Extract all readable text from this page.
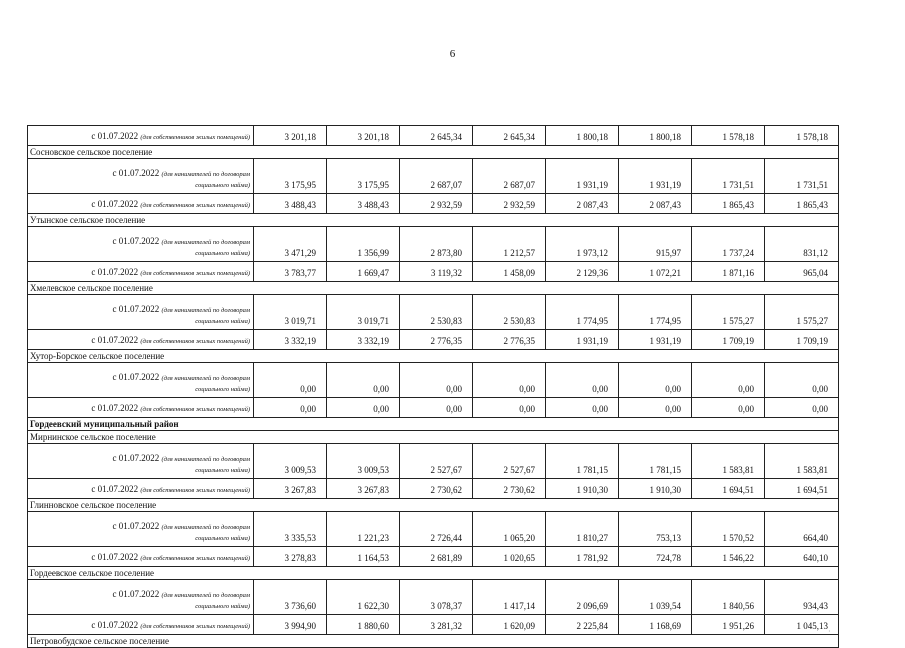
6
с 01.07.2022 (для собственников жилых помещений)	3 201,18	3 201,18	2 645,34	2 645,34	1 800,18	1 800,18	1 578,18	1 578,18
Сосновское сельское поселение								

с 01.07.2022 (для нанимателей по договорам
социального найма)	3 175,95	3 175,95	2 687,07	2 687,07	1 931,19	1 931,19	1 731,51	1 731,51
с 01.07.2022 (для собственников жилых помещений)	3 488,43	3 488,43	2 932,59	2 932,59	2 087,43	2 087,43	1 865,43	1 865,43
Утынское сельское поселение								

с 01.07.2022 (для нанимателей по договорам
социального найма)	3 471,29	1 356,99	2 873,80	1 212,57	1 973,12	915,97	1 737,24	831,12
с 01.07.2022 (для собственников жилых помещений)	3 783,77	1 669,47	3 119,32	1 458,09	2 129,36	1 072,21	1 871,16	965,04
Хмелевское сельское поселение								

с 01.07.2022 (для нанимателей по договорам
социального найма)	3 019,71	3 019,71	2 530,83	2 530,83	1 774,95	1 774,95	1 575,27	1 575,27
с 01.07.2022 (для собственников жилых помещений)	3 332,19	3 332,19	2 776,35	2 776,35	1 931,19	1 931,19	1 709,19	1 709,19
Хутор-Борское сельское поселение								

с 01.07.2022 (для нанимателей по договорам
социального найма)	0,00	0,00	0,00	0,00	0,00	0,00	0,00	0,00
с 01.07.2022 (для собственников жилых помещений)	0,00	0,00	0,00	0,00	0,00	0,00	0,00	0,00
Гордеевский муниципальный район								
Мирнинское сельское поселение								

с 01.07.2022 (для нанимателей по договорам
социального найма)	3 009,53	3 009,53	2 527,67	2 527,67	1 781,15	1 781,15	1 583,81	1 583,81
с 01.07.2022 (для собственников жилых помещений)	3 267,83	3 267,83	2 730,62	2 730,62	1 910,30	1 910,30	1 694,51	1 694,51
Глинновское сельское поселение								

с 01.07.2022 (для нанимателей по договорам
социального найма)	3 335,53	1 221,23	2 726,44	1 065,20	1 810,27	753,13	1 570,52	664,40
с 01.07.2022 (для собственников жилых помещений)	3 278,83	1 164,53	2 681,89	1 020,65	1 781,92	724,78	1 546,22	640,10
Гордеевское сельское поселение								

с 01.07.2022 (для нанимателей по договорам
социального найма)	3 736,60	1 622,30	3 078,37	1 417,14	2 096,69	1 039,54	1 840,56	934,43
с 01.07.2022 (для собственников жилых помещений)	3 994,90	1 880,60	3 281,32	1 620,09	2 225,84	1 168,69	1 951,26	1 045,13
Петровобудское сельское поселение								
·
